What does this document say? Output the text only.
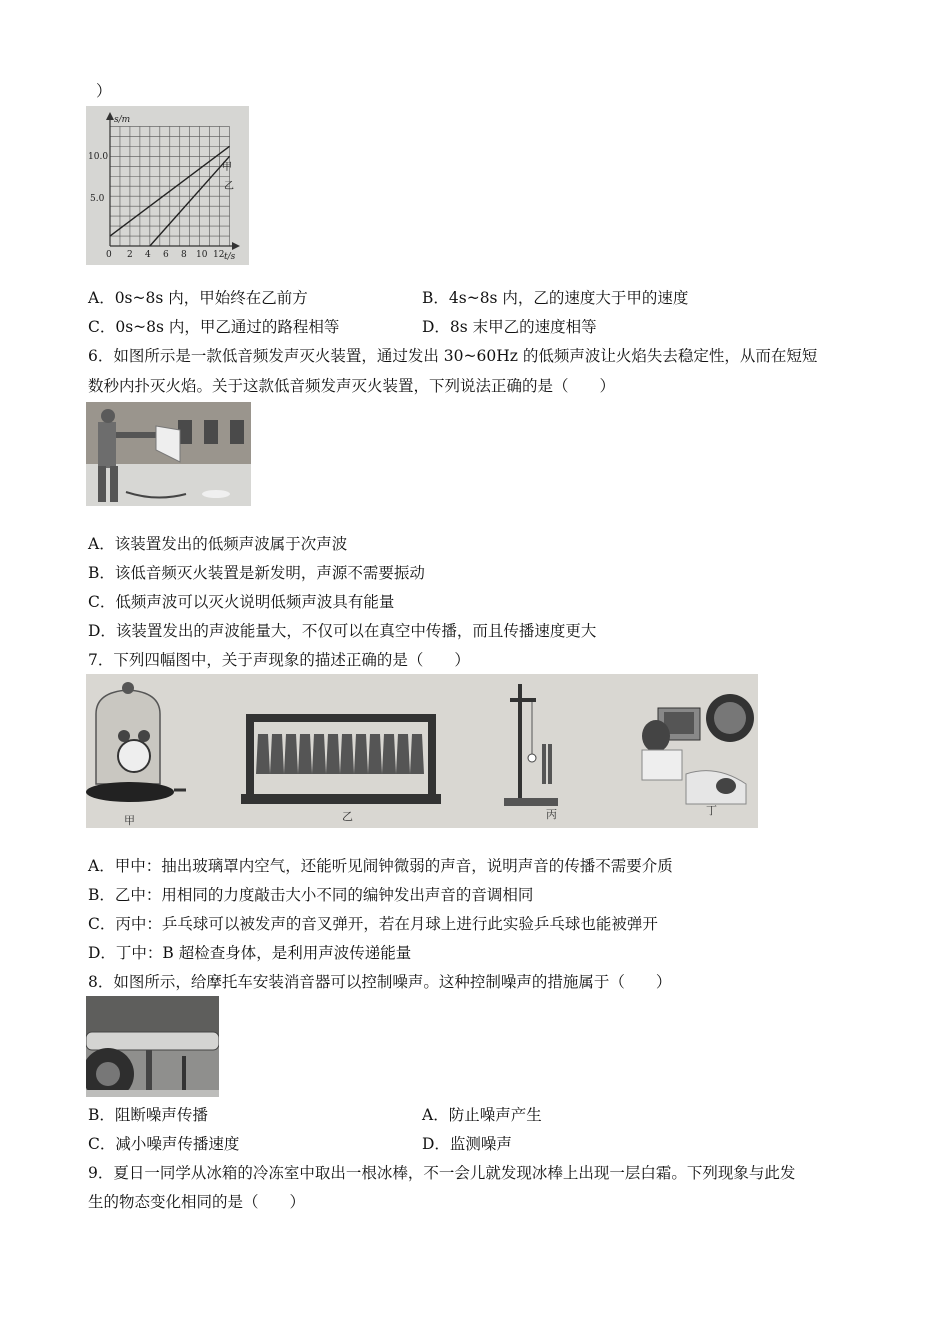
）
s/m
t/s
10.0
5.0
0 2 4 6 8 10 12
甲
乙
A．0s~8s 内，甲始终在乙前方	B．4s~8s 内，乙的速度大于甲的速度
C．0s~8s 内，甲乙通过的路程相等	D．8s 末甲乙的速度相等
6．如图所示是一款低音频发声灭火装置，通过发出 30~60Hz 的低频声波让火焰失去稳定性，从而在短短
数秒内扑灭火焰。关于这款低音频发声灭火装置，下列说法正确的是（　　）
A．该装置发出的低频声波属于次声波
B．该低音频灭火装置是新发明，声源不需要振动
C．低频声波可以灭火说明低频声波具有能量
D．该装置发出的声波能量大，不仅可以在真空中传播，而且传播速度更大
7．下列四幅图中，关于声现象的描述正确的是（　　）
甲	乙	丙	丁
A．甲中：抽出玻璃罩内空气，还能听见闹钟微弱的声音，说明声音的传播不需要介质
B．乙中：用相同的力度敲击大小不同的编钟发出声音的音调相同
C．丙中：乒乓球可以被发声的音叉弹开，若在月球上进行此实验乒乓球也能被弹开
D．丁中：B 超检查身体，是利用声波传递能量
8．如图所示，给摩托车安装消音器可以控制噪声。这种控制噪声的措施属于（　　）
B．阻断噪声传播	A．防止噪声产生
C．减小噪声传播速度	D．监测噪声
9．夏日一同学从冰箱的冷冻室中取出一根冰棒，不一会儿就发现冰棒上出现一层白霜。下列现象与此发
生的物态变化相同的是（　　）
